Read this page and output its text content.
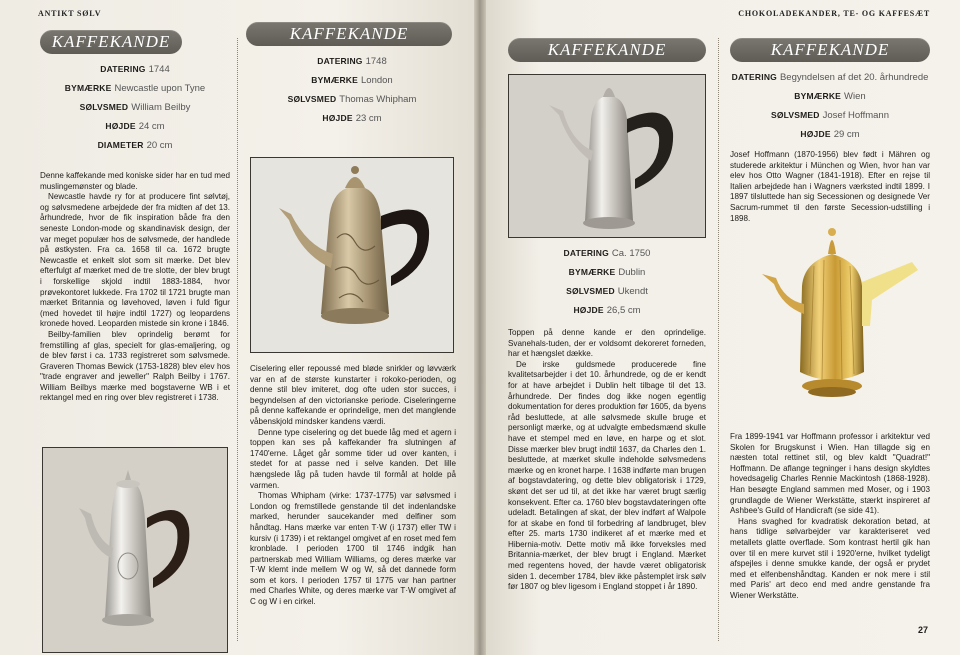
ANTIKT SØLV	CHOKOLADEKANDER, TE- OG KAFFESÆT
KAFFEKANDE
DATERING 1744
BYMÆRKE Newcastle upon Tyne
SØLVSMED William Beilby
HØJDE 24 cm
DIAMETER 20 cm

Denne kaffekande med koniske sider har en tud med muslingemønster og blade.

Newcastle havde ry for at producere fint sølvtøj, og sølvsmedene arbejdede der fra midten af det 13. århundrede, hvor de fik inspiration både fra den seneste London-mode og skandinavisk design, der var meget populær hos de sølvsmede, der handlede på østkysten. Fra ca. 1658 til ca. 1672 brugte Newcastle et enkelt slot som sit mærke. Det blev efterfulgt af mærket med de tre slotte, der blev brugt i forskellige skjold indtil 1883-1884, hvor prøvekontoret lukkede. Fra 1702 til 1721 brugte man mærket Britannia og løvehoved, løven i fuld figur (med hovedet til højre indtil 1727) og leopardens kronede hoved. Leoparden mistede sin krone i 1846.

Beilby-familien blev oprindelig berømt for fremstilling af glas, specielt for glas-emaljering, og de blev først i ca. 1733 registreret som sølvsmede. Graveren Thomas Bewick (1753-1828) blev elev hos "trade engraver and jeweller" Ralph Beilby i 1767. William Beilbys mærke med bogstaverne WB i et rektangel med en ring over blev registreret i 1738.

KAFFEKANDE
DATERING 1748
BYMÆRKE London
SØLVSMED Thomas Whipham
HØJDE 23 cm

Ciselering eller repoussé med bløde snirkler og løvværk var en af de største kunstarter i rokoko-perioden, og denne stil blev imiteret, dog ofte uden stor succes, i begyndelsen af den victorianske periode. Ciseleringerne på denne kaffekande er oprindelige, men det manglende våbenskjold mindsker kandens værdi.

Denne type ciselering og det buede låg med et agern i toppen kan ses på kaffekander fra slutningen af 1740'erne. Låget går somme tider ud over kanten, i stedet for at passe ned i selve kanden. Det lille hængslede låg på tuden havde til formål at holde på varmen.

Thomas Whipham (virke: 1737-1775) var sølvsmed i London og fremstillede genstande til det indenlandske marked, herunder saucekander med delfiner som håndtag. Hans mærke var enten T·W (i 1737) eller TW i kursiv (i 1739) i et rektangel omgivet af en roset med fem kronblade. I perioden 1700 til 1746 indgik han partnerskab med William Williams, og deres mærke var T·W klemt inde mellem W og W, så det dannede form som et kors. I perioden 1757 til 1775 var han partner med Charles White, og deres mærke var T·W omgivet af C og W i en cirkel.

KAFFEKANDE
DATERING Ca. 1750
BYMÆRKE Dublin
SØLVSMED Ukendt
HØJDE 26,5 cm

Toppen på denne kande er den oprindelige. Svanehals-tuden, der er voldsomt dekoreret forneden, har et hængslet dække.

De irske guldsmede producerede fine kvalitetsarbejder i det 10. århundrede, og de er kendt for at have arbejdet i Dublin helt tilbage til det 13. århundrede. Der findes dog ikke nogen egentlig dokumentation for deres produktion før 1605, da byens råd besluttede, at alle sølvsmede skulle bruge et personligt mærke, og at udvalgte embedsmænd skulle have et stempel med en løve, en harpe og et slot. Disse mærker blev brugt indtil 1637, da Charles den 1. besluttede, at mærket skulle indeholde sølvsmedens mærke og en kronet harpe. I 1638 indførte man brugen af bogstavdatering, og dette blev obligatorisk i 1729, skønt det ser ud til, at det ikke har været brugt særlig konsekvent. Efter ca. 1760 blev bogstavdateringen ofte udeladt. Betalingen af skat, der blev indført af Walpole for at skabe en fond til forbedring af landbruget, blev efter 25. marts 1730 indikeret af et mærke med et Hibernia-motiv. Dette motiv må ikke forveksles med Britannia-mærket, der blev brugt i England. Mærket med regentens hoved, der havde været obligatorisk siden 1. december 1784, blev ikke påstemplet irsk sølv før 1807 og blev ligesom i England stoppet i år 1890.

KAFFEKANDE
DATERING Begyndelsen af det 20. århundrede
BYMÆRKE Wien
SØLVSMED Josef Hoffmann
HØJDE 29 cm

Josef Hoffmann (1870-1956) blev født i Mähren og studerede arkitektur i München og Wien, hvor han var elev hos Otto Wagner (1841-1918). Efter en rejse til Italien arbejdede han i Wagners værksted indtil 1899. I 1897 tilsluttede han sig Secessionen og designede Ver Sacrum-rummet til den første Secession-udstilling i 1898.

Fra 1899-1941 var Hoffmann professor i arkitektur ved Skolen for Brugskunst i Wien. Han tillagde sig en næsten total rettinet stil, og blev kaldt "Quadrat!" Hoffmann. De aflange tegninger i hans design skyldtes hovedsagelig Charles Rennie Mackintosh (1868-1928). Han besøgte England sammen med Moser, og i 1903 grundlagde de Wiener Werkstätte, stærkt inspireret af Ashbee's Guild of Handicraft (se side 41).

Hans svaghed for kvadratisk dekoration betød, at hans tidlige sølvarbejder var karakteriseret ved metallets glatte overflade. Som kontrast hertil gik han over til en mere kurvet stil i 1920'erne, hvilket tydeligt afspejles i denne smukke kande, der også er prydet med et elfenbenshåndtag. Kanden er nok mere i stil med Paris' art deco end med andre genstande fra Wiener Werkstätte.

27
